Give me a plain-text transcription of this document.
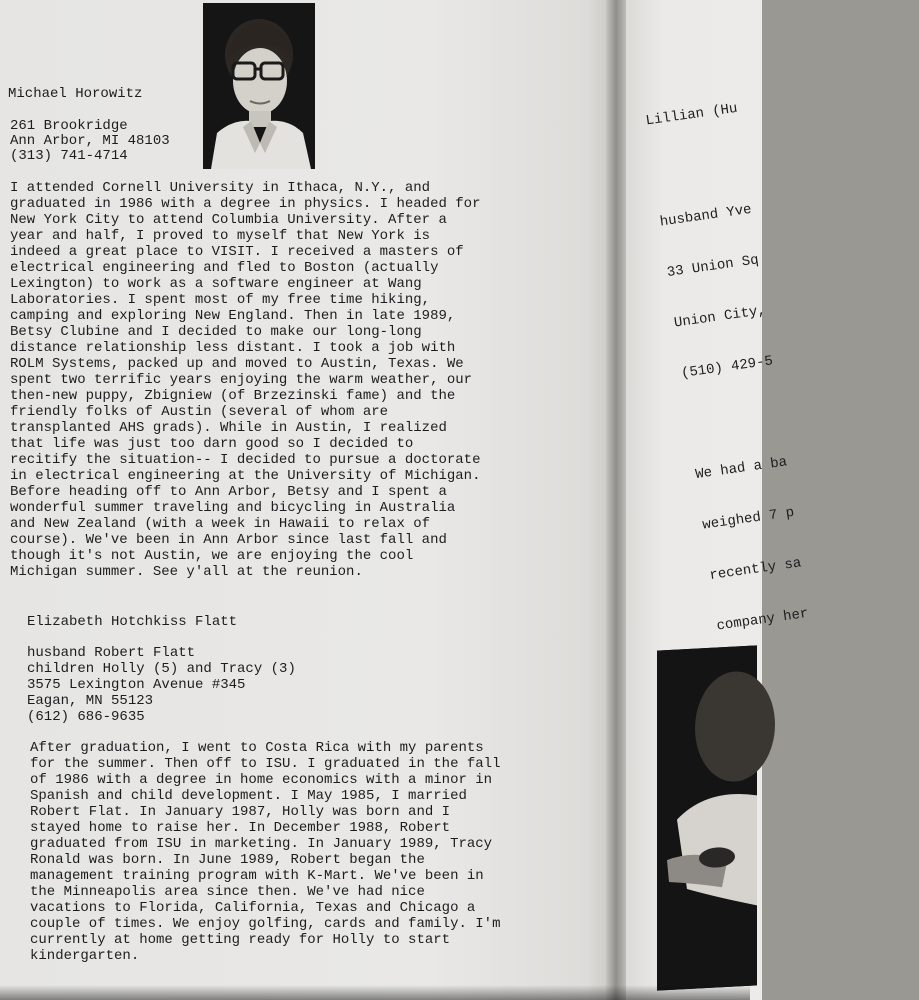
Michael Horowitz
261 Brookridge
Ann Arbor, MI 48103
(313) 741-4714
I attended Cornell University in Ithaca, N.Y., and
graduated in 1986 with a degree in physics. I headed for
New York City to attend Columbia University. After a
year and half, I proved to myself that New York is
indeed a great place to VISIT. I received a masters of
electrical engineering and fled to Boston (actually
Lexington) to work as a software engineer at Wang
Laboratories. I spent most of my free time hiking,
camping and exploring New England. Then in late 1989,
Betsy Clubine and I decided to make our long-long
distance relationship less distant. I took a job with
ROLM Systems, packed up and moved to Austin, Texas. We
spent two terrific years enjoying the warm weather, our
then-new puppy, Zbigniew (of Brzezinski fame) and the
friendly folks of Austin (several of whom are
transplanted AHS grads). While in Austin, I realized
that life was just too darn good so I decided to
recitify the situation-- I decided to pursue a doctorate
in electrical engineering at the University of Michigan.
Before heading off to Ann Arbor, Betsy and I spent a
wonderful summer traveling and bicycling in Australia
and New Zealand (with a week in Hawaii to relax of
course). We've been in Ann Arbor since last fall and
though it's not Austin, we are enjoying the cool
Michigan summer. See y'all at the reunion.
Elizabeth Hotchkiss Flatt
husband Robert Flatt
children Holly (5) and Tracy (3)
3575 Lexington Avenue #345
Eagan, MN 55123
(612) 686-9635
After graduation, I went to Costa Rica with my parents
for the summer. Then off to ISU. I graduated in the fall
of 1986 with a degree in home economics with a minor in
Spanish and child development. I May 1985, I married
Robert Flat. In January 1987, Holly was born and I
stayed home to raise her. In December 1988, Robert
graduated from ISU in marketing. In January 1989, Tracy
Ronald was born. In June 1989, Robert began the
management training program with K-Mart. We've been in
the Minneapolis area since then. We've had nice
vacations to Florida, California, Texas and Chicago a
couple of times. We enjoy golfing, cards and family. I'm
currently at home getting ready for Holly to start
kindergarten.

Lillian (Hu

husband Yve

33 Union Sq

Union City,

(510) 429-5

We had a ba

weighed 7 p

recently sa

company her
